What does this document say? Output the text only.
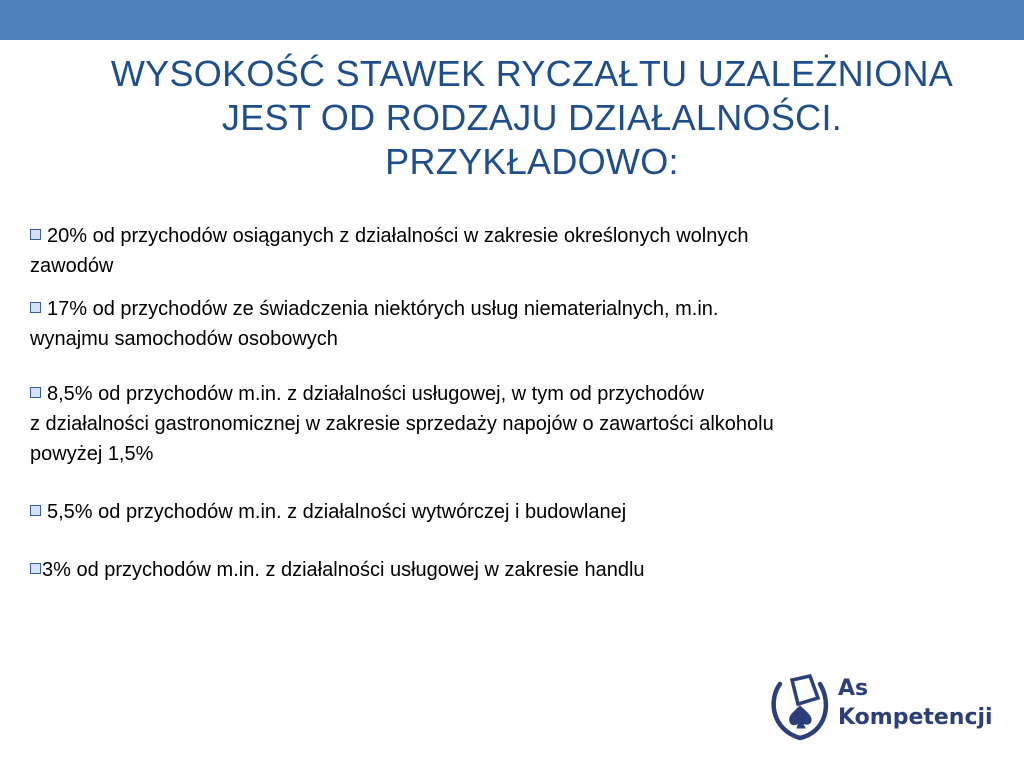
WYSOKOŚĆ STAWEK RYCZAŁTU UZALEŻNIONA
JEST OD RODZAJU DZIAŁALNOŚCI.
PRZYKŁADOWO:

20% od przychodów osiąganych z działalności w zakresie określonych wolnych
zawodów

17% od przychodów ze świadczenia niektórych usług niematerialnych, m.in.
wynajmu samochodów osobowych

8,5% od przychodów m.in. z działalności usługowej, w tym od przychodów
z działalności gastronomicznej w zakresie sprzedaży napojów o zawartości alkoholu
powyżej 1,5%

5,5% od przychodów m.in. z działalności wytwórczej i budowlanej

3% od przychodów m.in. z działalności usługowej w zakresie handlu

As
Kompetencji
